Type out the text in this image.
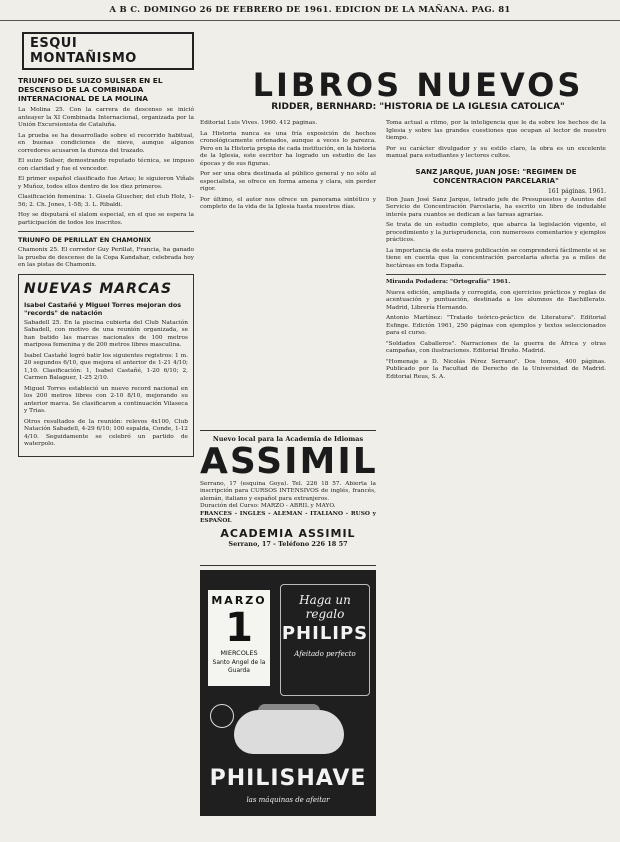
A B C. DOMINGO 26 DE FEBRERO DE 1961. EDICION DE LA MAÑANA. PAG. 81
ESQUI MONTAÑISMO
TRIUNFO DEL SUIZO SULSER EN EL DESCENSO DE LA COMBINADA INTERNACIONAL DE LA MOLINA

La Molina 25. Con la carrera de descenso se inició anteayer la XI Combinada Internacional, organizada por la Unión Excursionista de Cataluña.

La prueba se ha desarrollado sobre el recorrido habitual, en buenas condiciones de nieve, aunque algunos corredores acusaron la dureza del trazado.

El suizo Sulser, demostrando reputado técnica, se impuso con claridad y fue el vencedor.

El primer español clasificado fue Arias; le siguieron Viñals y Muñoz, todos ellos dentro de los diez primeros.

Clasificación femenina: 1. Gisela Gluscher, del club Holz, 1-56; 2. Ch. Jones, 1-58; 3. L. Ribaldi.

Hoy se disputará el slalom especial, en el que se espera la participación de todos los inscritos.

TRIUNFO DE PERILLAT EN CHAMONIX

Chamonix 25. El corredor Guy Perillat, Francia, ha ganado la prueba de descenso de la Copa Kandahar, celebrada hoy en las pistas de Chamonix.

NUEVAS MARCAS
Isabel Castañé y Miguel Torres mejoran dos "records" de natación

Sabadell 25. En la piscina cubierta del Club Natación Sabadell, con motivo de una reunión organizada, se han batido las marcas nacionales de 100 metros mariposa femenina y de 200 metros libres masculina.

Isabel Castañé logró batir los siguientes registros: 1 m. 20 segundos 6/10, que mejora el anterior de 1-21 4/10; 1,10. Clasificación: 1, Isabel Castañé, 1-20 6/10; 2, Carmen Balaguer, 1-25 2/10.

Miguel Torres estableció un nuevo record nacional en los 200 metros libres con 2-10 8/10, mejorando su anterior marca. Se clasificaron a continuación Vilaseca y Trias.

Otros resultados de la reunión: relevos 4x100, Club Natación Sabadell, 4-29 6/10; 100 espalda, Conde, 1-12 4/10. Seguidamente se celebró un partido de waterpolo.

LIBROS NUEVOS
RIDDER, BERNHARD: "HISTORIA DE LA IGLESIA CATOLICA"

Editorial Luis Vives. 1960. 412 páginas.

La Historia nunca es una fría exposición de hechos cronológicamente ordenados, aunque a veces lo parezca. Pero en la Historia propia de cada institución, en la historia de la Iglesia, este escritor ha logrado un estudio de las épocas y de sus figuras.

Por ser una obra destinada al público general y no sólo al especialista, se ofrece en forma amena y clara, sin perder rigor.

Por último, el autor nos ofrece un panorama sintético y completo de la vida de la Iglesia hasta nuestros días.

Nuevo local para la Academia de Idiomas
ASSIMIL
Serrano, 17 (esquina Goya). Tel. 226 18 57. Abierta la inscripción para CURSOS INTENSIVOS de inglés, francés, alemán, italiano y español para extranjeros.
Duración del Curso: MARZO - ABRIL y MAYO.
FRANCES - INGLES - ALEMAN - ITALIANO - RUSO y ESPAÑOL
ACADEMIA ASSIMIL
Serrano, 17 - Teléfono 226 18 57
MARZO
1
MIERCOLES
Santo Angel de la Guarda
Haga un regalo
PHILIPS
Afeitado perfecto
PHILISHAVE
las máquinas de afeitar

Toma actual a ritmo, por la inteligencia que le da sobre los hechos de la Iglesia y sobre las grandes cuestiones que ocupan al lector de nuestro tiempo.

Por su carácter divulgador y su estilo claro, la obra es un excelente manual para estudiantes y lectores cultos.

SANZ JARQUE, JUAN JOSE: "REGIMEN DE CONCENTRACION PARCELARIA"
161 páginas. 1961.

Don Juan José Sanz Jarque, letrado jefe de Presupuestos y Asuntos del Servicio de Concentración Parcelaria, ha escrito un libro de indudable interés para cuantos se dedican a las tareas agrarias.

Se trata de un estudio completo, que abarca la legislación vigente, el procedimiento y la jurisprudencia, con numerosos comentarios y ejemplos prácticos.

La importancia de esta nueva publicación se comprenderá fácilmente si se tiene en cuenta que la concentración parcelaria afecta ya a miles de hectáreas en toda España.

Miranda Podadera: "Ortografía" 1961.

Nueva edición, ampliada y corregida, con ejercicios prácticos y reglas de acentuación y puntuación, destinada a los alumnos de Bachillerato. Madrid, Librería Hernando.

Antonio Martínez: "Tratado teórico-práctico de Literatura". Editorial Esfinge. Edición 1961, 250 páginas con ejemplos y textos seleccionados para el curso.

"Soldados Caballeros". Narraciones de la guerra de África y otras campañas, con ilustraciones. Editorial Bruño. Madrid.

"Homenaje a D. Nicolás Pérez Serrano". Dos tomos, 400 páginas. Publicado por la Facultad de Derecho de la Universidad de Madrid. Editorial Reus, S. A.
